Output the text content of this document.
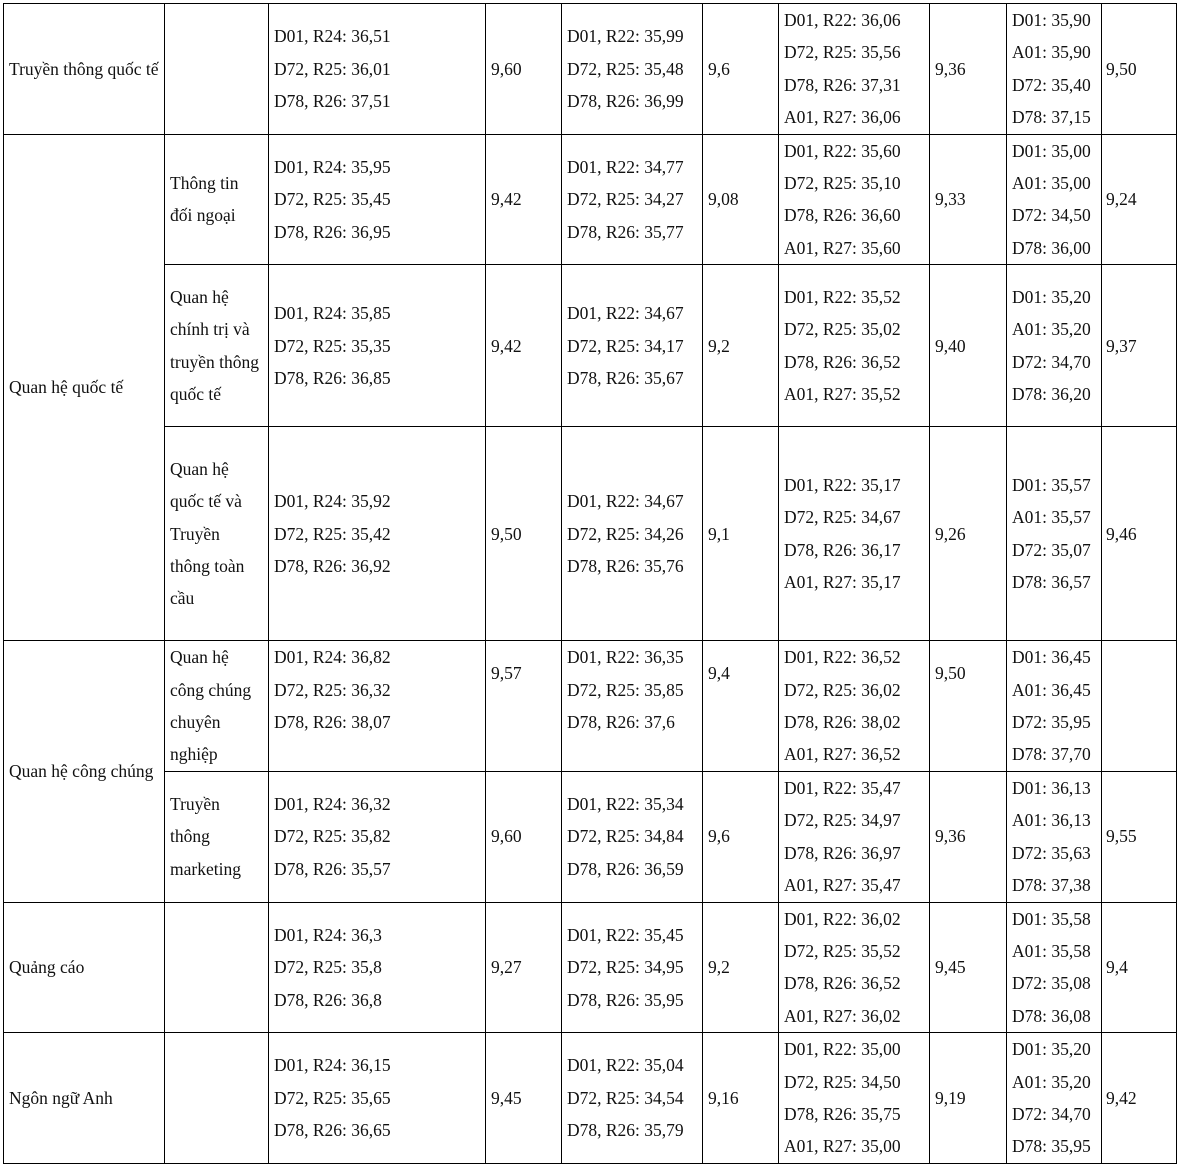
Truyền thông quốc tế		D01, R24: 36,51
D72, R25: 36,01
D78, R26: 37,51	9,60	D01, R22: 35,99
D72, R25: 35,48
D78, R26: 36,99	9,6	D01, R22: 36,06
D72, R25: 35,56
D78, R26: 37,31
A01, R27: 36,06	9,36	D01: 35,90
A01: 35,90
D72: 35,40
D78: 37,15	9,50

Quan hệ quốc tế	Thông tin đối ngoại	D01, R24: 35,95
D72, R25: 35,45
D78, R26: 36,95	9,42	D01, R22: 34,77
D72, R25: 34,27
D78, R26: 35,77	9,08	D01, R22: 35,60
D72, R25: 35,10
D78, R26: 36,60
A01, R27: 35,60	9,33	D01: 35,00
A01: 35,00
D72: 34,50
D78: 36,00	9,24

	Quan hệ chính trị và truyền thông quốc tế	D01, R24: 35,85
D72, R25: 35,35
D78, R26: 36,85	9,42	D01, R22: 34,67
D72, R25: 34,17
D78, R26: 35,67	9,2	D01, R22: 35,52
D72, R25: 35,02
D78, R26: 36,52
A01, R27: 35,52	9,40	D01: 35,20
A01: 35,20
D72: 34,70
D78: 36,20	9,37

	Quan hệ quốc tế và Truyền thông toàn cầu	D01, R24: 35,92
D72, R25: 35,42
D78, R26: 36,92	9,50	D01, R22: 34,67
D72, R25: 34,26
D78, R26: 35,76	9,1	D01, R22: 35,17
D72, R25: 34,67
D78, R26: 36,17
A01, R27: 35,17	9,26	D01: 35,57
A01: 35,57
D72: 35,07
D78: 36,57	9,46

Quan hệ công chúng	Quan hệ công chúng chuyên nghiệp	D01, R24: 36,82
D72, R25: 36,32
D78, R26: 38,07	9,57	D01, R22: 36,35
D72, R25: 35,85
D78, R26: 37,6	9,4	D01, R22: 36,52
D72, R25: 36,02
D78, R26: 38,02
A01, R27: 36,52	9,50	D01: 36,45
A01: 36,45
D72: 35,95
D78: 37,70	

	Truyền thông marketing	D01, R24: 36,32
D72, R25: 35,82
D78, R26: 35,57	9,60	D01, R22: 35,34
D72, R25: 34,84
D78, R26: 36,59	9,6	D01, R22: 35,47
D72, R25: 34,97
D78, R26: 36,97
A01, R27: 35,47	9,36	D01: 36,13
A01: 36,13
D72: 35,63
D78: 37,38	9,55

Quảng cáo		D01, R24: 36,3
D72, R25: 35,8
D78, R26: 36,8	9,27	D01, R22: 35,45
D72, R25: 34,95
D78, R26: 35,95	9,2	D01, R22: 36,02
D72, R25: 35,52
D78, R26: 36,52
A01, R27: 36,02	9,45	D01: 35,58
A01: 35,58
D72: 35,08
D78: 36,08	9,4

Ngôn ngữ Anh		D01, R24: 36,15
D72, R25: 35,65
D78, R26: 36,65	9,45	D01, R22: 35,04
D72, R25: 34,54
D78, R26: 35,79	9,16	D01, R22: 35,00
D72, R25: 34,50
D78, R26: 35,75
A01, R27: 35,00	9,19	D01: 35,20
A01: 35,20
D72: 34,70
D78: 35,95	9,42
